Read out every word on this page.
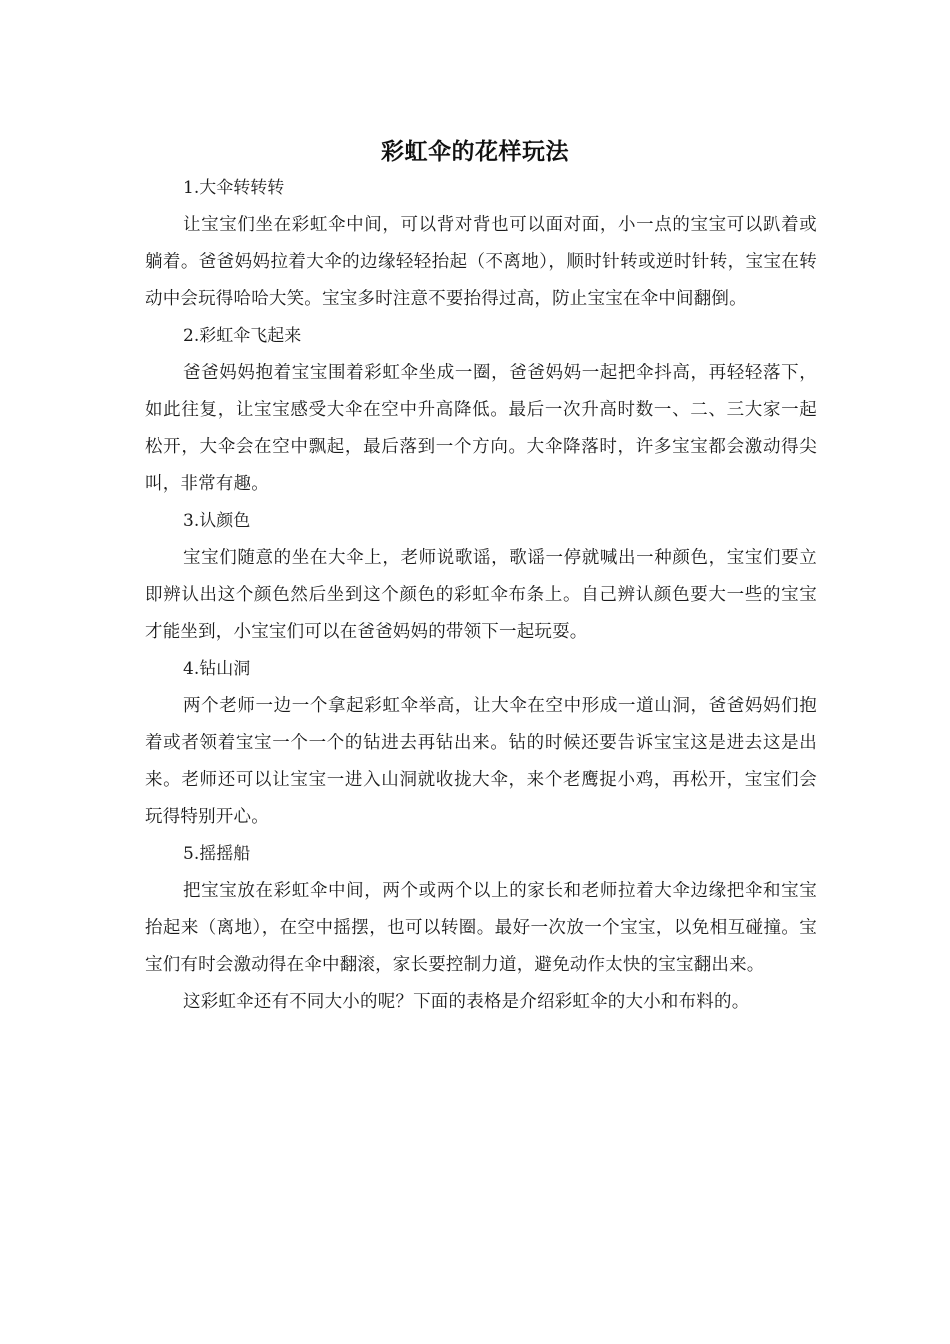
彩虹伞的花样玩法

1.大伞转转转

让宝宝们坐在彩虹伞中间，可以背对背也可以面对面，小一点的宝宝可以趴着或躺着。爸爸妈妈拉着大伞的边缘轻轻抬起（不离地），顺时针转或逆时针转，宝宝在转动中会玩得哈哈大笑。宝宝多时注意不要抬得过高，防止宝宝在伞中间翻倒。

2.彩虹伞飞起来

爸爸妈妈抱着宝宝围着彩虹伞坐成一圈，爸爸妈妈一起把伞抖高，再轻轻落下，如此往复，让宝宝感受大伞在空中升高降低。最后一次升高时数一、二、三大家一起松开，大伞会在空中飘起，最后落到一个方向。大伞降落时，许多宝宝都会激动得尖叫，非常有趣。

3.认颜色

宝宝们随意的坐在大伞上，老师说歌谣，歌谣一停就喊出一种颜色，宝宝们要立即辨认出这个颜色然后坐到这个颜色的彩虹伞布条上。自己辨认颜色要大一些的宝宝才能坐到，小宝宝们可以在爸爸妈妈的带领下一起玩耍。

4.钻山洞

两个老师一边一个拿起彩虹伞举高，让大伞在空中形成一道山洞，爸爸妈妈们抱着或者领着宝宝一个一个的钻进去再钻出来。钻的时候还要告诉宝宝这是进去这是出来。老师还可以让宝宝一进入山洞就收拢大伞，来个老鹰捉小鸡，再松开，宝宝们会玩得特别开心。

5.摇摇船

把宝宝放在彩虹伞中间，两个或两个以上的家长和老师拉着大伞边缘把伞和宝宝抬起来（离地），在空中摇摆，也可以转圈。最好一次放一个宝宝，以免相互碰撞。宝宝们有时会激动得在伞中翻滚，家长要控制力道，避免动作太快的宝宝翻出来。

这彩虹伞还有不同大小的呢？下面的表格是介绍彩虹伞的大小和布料的。
